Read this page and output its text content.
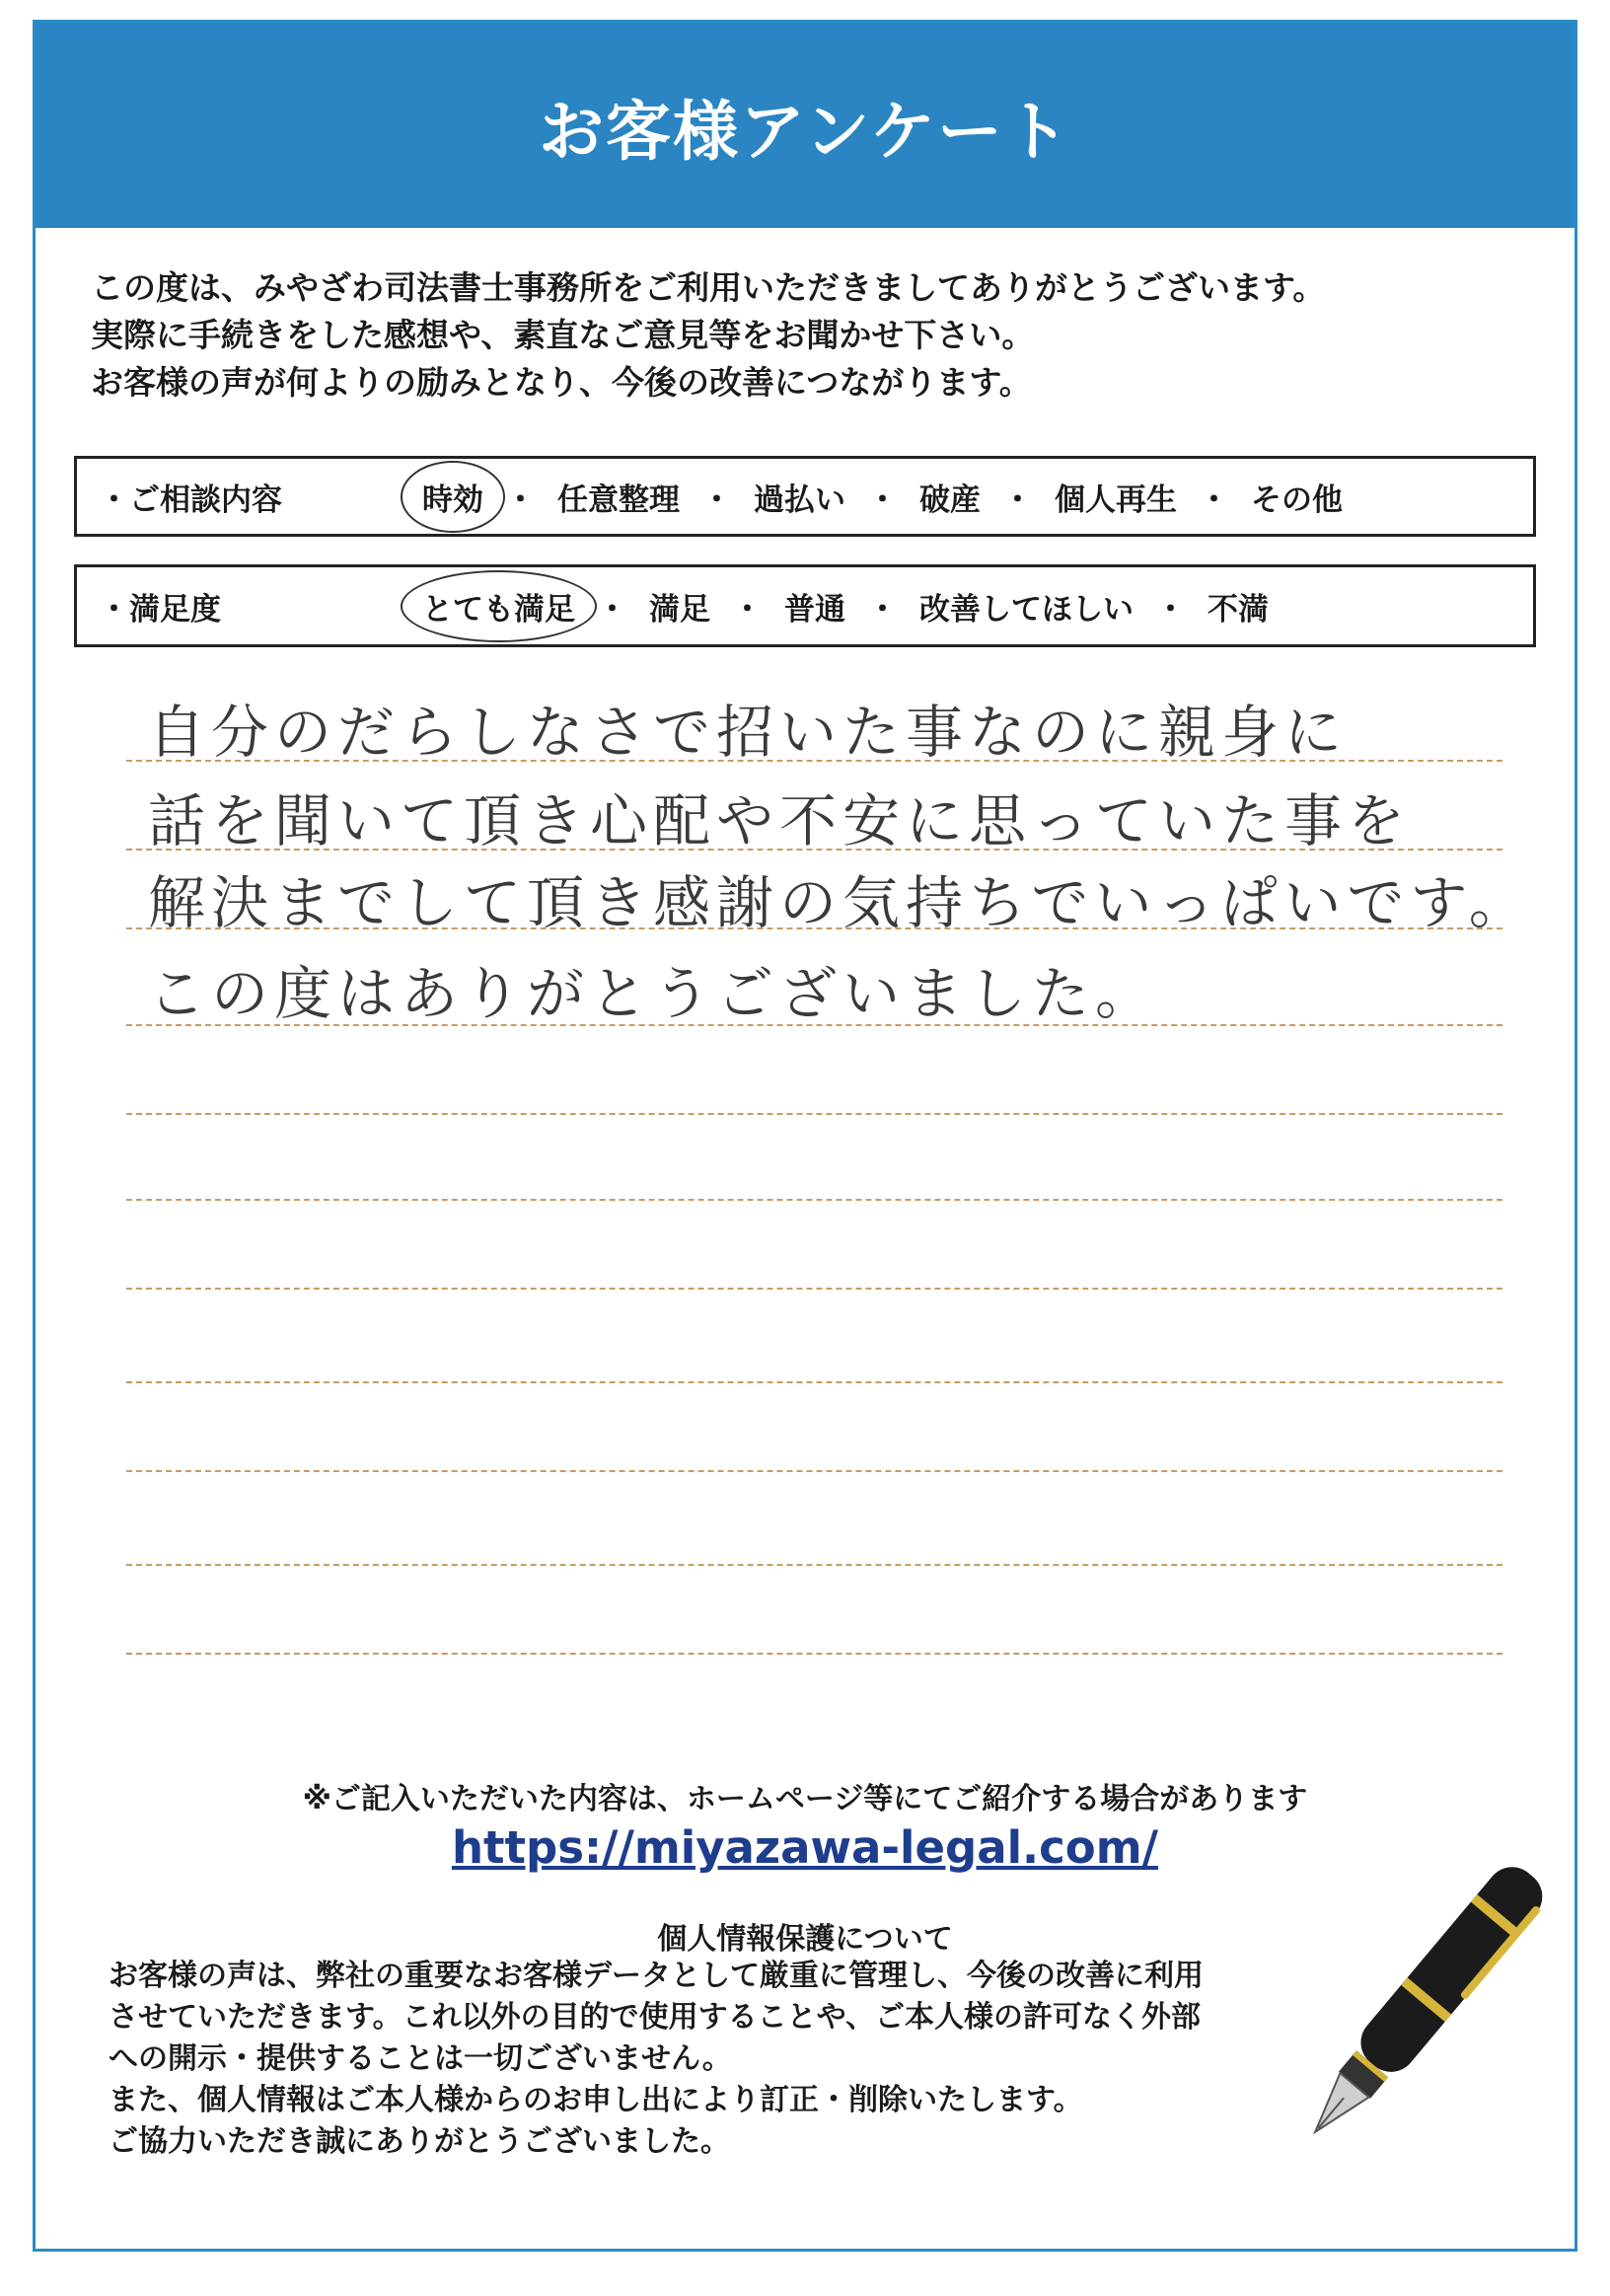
お客様アンケート
この度は、みやざわ司法書士事務所をご利用いただきましてありがとうございます。
実際に手続きをした感想や、素直なご意見等をお聞かせ下さい。
お客様の声が何よりの励みとなり、今後の改善につながります。
・ご相談内容	時効 ・ 任意整理 ・ 過払い ・ 破産 ・ 個人再生 ・ その他
・満足度	とても満足 ・ 満足 ・ 普通 ・ 改善してほしい ・ 不満
自分のだらしなさで招いた事なのに親身に
話を聞いて頂き心配や不安に思っていた事を
解決までして頂き感謝の気持ちでいっぱいです。
この度はありがとうございました。
※ご記入いただいた内容は、ホームページ等にてご紹介する場合があります
https://miyazawa-legal.com/
個人情報保護について
お客様の声は、弊社の重要なお客様データとして厳重に管理し、今後の改善に利用
させていただきます。これ以外の目的で使用することや、ご本人様の許可なく外部
への開示・提供することは一切ございません。
また、個人情報はご本人様からのお申し出により訂正・削除いたします。
ご協力いただき誠にありがとうございました。
